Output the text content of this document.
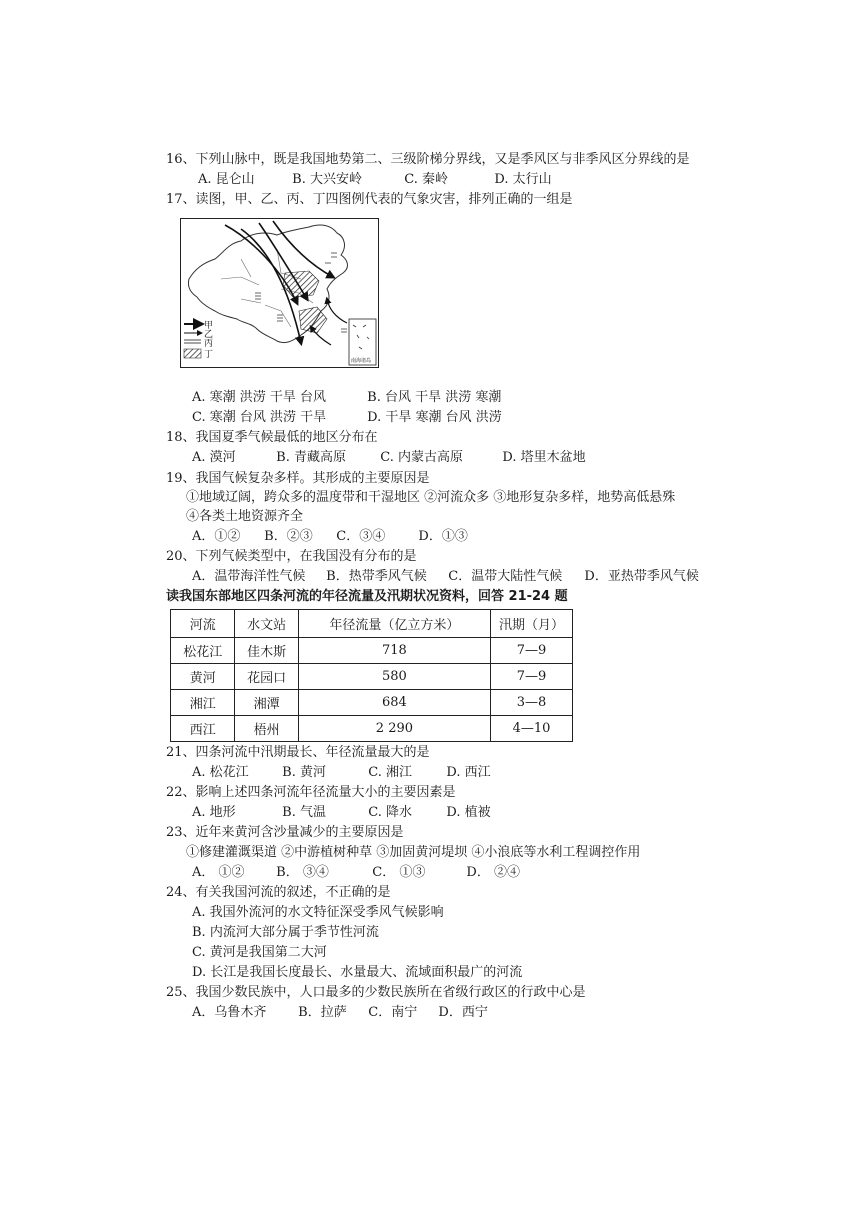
16、下列山脉中，既是我国地势第二、三级阶梯分界线，又是季风区与非季风区分界线的是
A. 昆仑山	B. 大兴安岭	C. 秦岭	D. 太行山
17、读图，甲、乙、丙、丁四图例代表的气象灾害，排列正确的一组是
甲
乙
丙
丁
南海诸岛
A. 寒潮 洪涝 干旱 台风	B. 台风 干旱 洪涝 寒潮
C. 寒潮 台风 洪涝 干旱	D. 干旱 寒潮 台风 洪涝
18、我国夏季气候最低的地区分布在
A. 漠河	B. 青藏高原	C. 内蒙古高原	D. 塔里木盆地
19、我国气候复杂多样。其形成的主要原因是
①地域辽阔，跨众多的温度带和干湿地区 ②河流众多 ③地形复杂多样，地势高低悬殊
④各类土地资源齐全
A．①② B．②③ C．③④	D．①③
20、下列气候类型中，在我国没有分布的是
A．温带海洋性气候 B．热带季风气候 C．温带大陆性气候 D．亚热带季风气候
读我国东部地区四条河流的年径流量及汛期状况资料，回答 21-24 题
河流	水文站	年径流量（亿立方米）	汛期（月）
松花江	佳木斯	718	7—9
黄河	花园口	580	7—9
湘江	湘潭	684	3—8
西江	梧州	2 290	4—10
21、四条河流中汛期最长、年径流量最大的是
A. 松花江	B. 黄河	C. 湘江	D. 西江
22、影响上述四条河流年径流量大小的主要因素是
A. 地形	B. 气温	C. 降水	D. 植被
23、近年来黄河含沙量减少的主要原因是
①修建灌溉渠道 ②中游植树种草 ③加固黄河堤坝 ④小浪底等水利工程调控作用
A． ①② B． ③④	C． ①③	D． ②④
24、有关我国河流的叙述，不正确的是
A. 我国外流河的水文特征深受季风气候影响
B. 内流河大部分属于季节性河流
C. 黄河是我国第二大河
D. 长江是我国长度最长、水量最大、流域面积最广的河流
25、我国少数民族中，人口最多的少数民族所在省级行政区的行政中心是
A．乌鲁木齐 B．拉萨 C．南宁 D．西宁
